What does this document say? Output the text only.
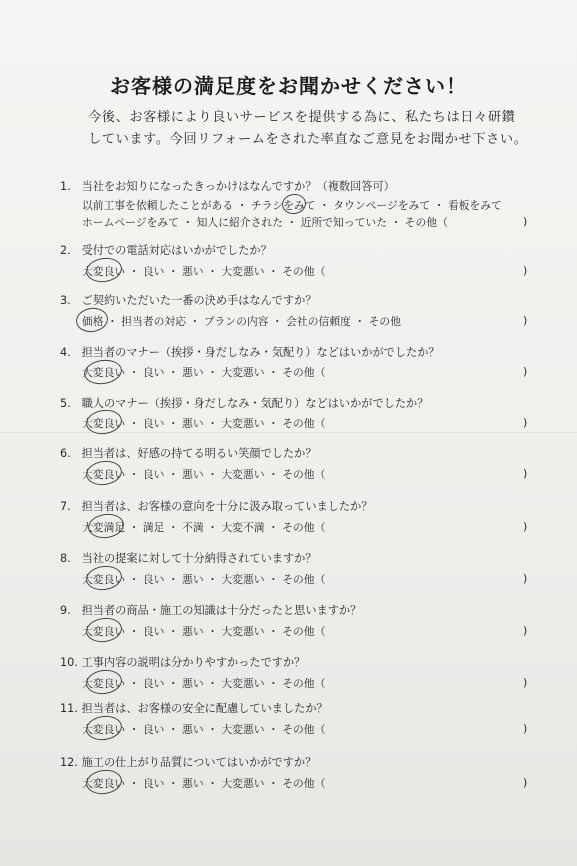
お客様の満足度をお聞かせください！
今後、お客様により良いサービスを提供する為に、私たちは日々研鑽
しています。今回リフォームをされた率直なご意見をお聞かせ下さい。
1. 当社をお知りになったきっかけはなんですか？（複数回答可）
以前工事を依頼したことがある ・ チラシをみて ・ タウンページをみて ・ 看板をみて
ホームページをみて ・ 知人に紹介された ・ 近所で知っていた ・ その他（	)
2. 受付での電話対応はいかがでしたか？
大変良い ・ 良い ・ 悪い ・ 大変悪い ・ その他（	)
3. ご契約いただいた一番の決め手はなんですか？
価格 ・ 担当者の対応 ・ プランの内容 ・ 会社の信頼度 ・ その他	)
4. 担当者のマナー（挨拶・身だしなみ・気配り）などはいかがでしたか？
大変良い ・ 良い ・ 悪い ・ 大変悪い ・ その他（	)
5. 職人のマナー（挨拶・身だしなみ・気配り）などはいかがでしたか？
大変良い ・ 良い ・ 悪い ・ 大変悪い ・ その他（	)
6. 担当者は、好感の持てる明るい笑顔でしたか？
大変良い ・ 良い ・ 悪い ・ 大変悪い ・ その他（	)
7. 担当者は、お客様の意向を十分に汲み取っていましたか？
大変満足 ・ 満足 ・ 不満 ・ 大変不満 ・ その他（	)
8. 当社の提案に対して十分納得されていますか？
大変良い ・ 良い ・ 悪い ・ 大変悪い ・ その他（	)
9. 担当者の商品・施工の知識は十分だったと思いますか？
大変良い ・ 良い ・ 悪い ・ 大変悪い ・ その他（	)
10. 工事内容の説明は分かりやすかったですか？
大変良い ・ 良い ・ 悪い ・ 大変悪い ・ その他（	)
11. 担当者は、お客様の安全に配慮していましたか？
大変良い ・ 良い ・ 悪い ・ 大変悪い ・ その他（	)
12. 施工の仕上がり品質についてはいかがですか？
大変良い ・ 良い ・ 悪い ・ 大変悪い ・ その他（	)
